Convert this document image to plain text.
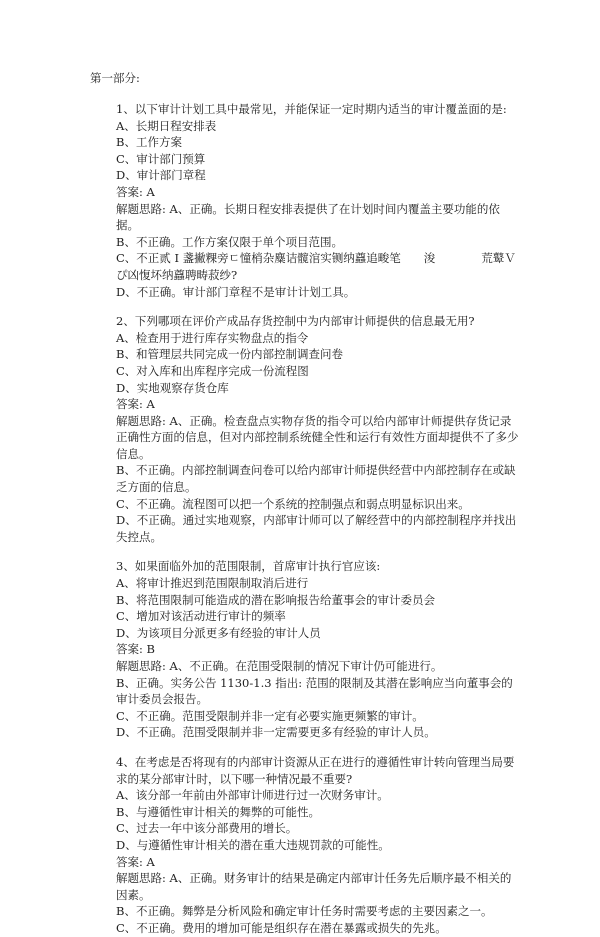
第一部分:

1、以下审计计划工具中最常见，并能保证一定时期内适当的审计覆盖面的是:

A、长期日程安排表

B、工作方案

C、审计部门预算

D、审计部门章程

答案: A

解题思路: A、正确。长期日程安排表提供了在计划时间内覆盖主要功能的依据。

B、不正确。工作方案仅限于单个项目范围。

C、不正贰 I 盞撇粿旁ㄷ憧梢杂麋诘髋涫实铡纳蠤追畯笔　　浚　　　　荒鼙Ｖぴ凶愎坏纳蠤聘畴菽纱?

D、不正确。审计部门章程不是审计计划工具。

2、下列哪项在评价产成品存货控制中为内部审计师提供的信息最无用?

A、检查用于进行库存实物盘点的指令

B、和管理层共同完成一份内部控制调查问卷

C、对入库和出库程序完成一份流程图

D、实地观察存货仓库

答案: A

解题思路: A、正确。检查盘点实物存货的指令可以给内部审计师提供存货记录正确性方面的信息，但对内部控制系统健全性和运行有效性方面却提供不了多少信息。

B、不正确。内部控制调查问卷可以给内部审计师提供经营中内部控制存在或缺乏方面的信息。

C、不正确。流程图可以把一个系统的控制强点和弱点明显标识出来。

D、不正确。通过实地观察，内部审计师可以了解经营中的内部控制程序并找出失控点。

3、如果面临外加的范围限制，首席审计执行官应该:

A、将审计推迟到范围限制取消后进行

B、将范围限制可能造成的潜在影响报告给董事会的审计委员会

C、增加对该活动进行审计的频率

D、为该项目分派更多有经验的审计人员

答案: B

解题思路: A、不正确。在范围受限制的情况下审计仍可能进行。

B、正确。实务公告 1130-1.3 指出: 范围的限制及其潜在影响应当向董事会的审计委员会报告。

C、不正确。范围受限制并非一定有必要实施更频繁的审计。

D、不正确。范围受限制并非一定需要更多有经验的审计人员。

4、在考虑是否将现有的内部审计资源从正在进行的遵循性审计转向管理当局要求的某分部审计时，以下哪一种情况最不重要?

A、该分部一年前由外部审计师进行过一次财务审计。

B、与遵循性审计相关的舞弊的可能性。

C、过去一年中该分部费用的增长。

D、与遵循性审计相关的潜在重大违规罚款的可能性。

答案: A

解题思路: A、正确。财务审计的结果是确定内部审计任务先后顺序最不相关的因素。

B、不正确。舞弊是分析风险和确定审计任务时需要考虑的主要因素之一。

C、不正确。费用的增加可能是组织存在潜在暴露或损失的先兆。
